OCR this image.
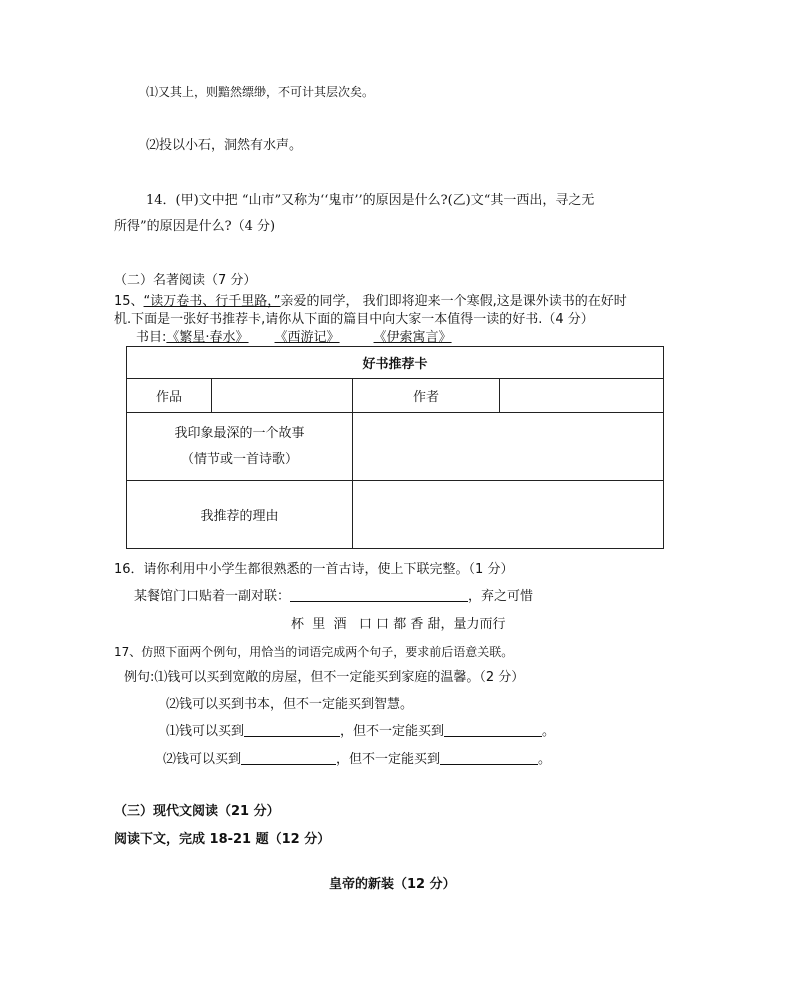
⑴又其上，则黯然缥缈，不可计其层次矣。
⑵投以小石，洞然有水声。
14．(甲)文中把 “山市”又称为‘‘鬼市’’的原因是什么?(乙)文“其一西出，寻之无
所得”的原因是什么?（4 分)
（二）名著阅读（7 分）
15、“读万卷书、行千里路，”亲爱的同学， 我们即将迎来一个寒假,这是课外读书的在好时
机.下面是一张好书推荐卡,请你从下面的篇目中向大家一本值得一读的好书.（4 分）
书目:《繁星·春水》 《西游记》	《伊索寓言》
好书推荐卡			
作品		作者	

我印象最深的一个故事
（情节或一首诗歌）			

我推荐的理由			
16．请你利用中小学生都很熟悉的一首古诗，使上下联完整。（1 分）
某餐馆门口贴着一副对联：	，弃之可惜
杯  里  酒   口 口 都 香 甜，量力而行
17、仿照下面两个例句，用恰当的词语完成两个句子，要求前后语意关联。
例句:⑴钱可以买到宽敞的房屋，但不一定能买到家庭的温馨。（2 分）
⑵钱可以买到书本，但不一定能买到智慧。
⑴钱可以买到	，但不一定能买到	。
⑵钱可以买到	，但不一定能买到	。
（三）现代文阅读（21 分）
阅读下文，完成 18-21 题（12 分）
皇帝的新装（12 分）
